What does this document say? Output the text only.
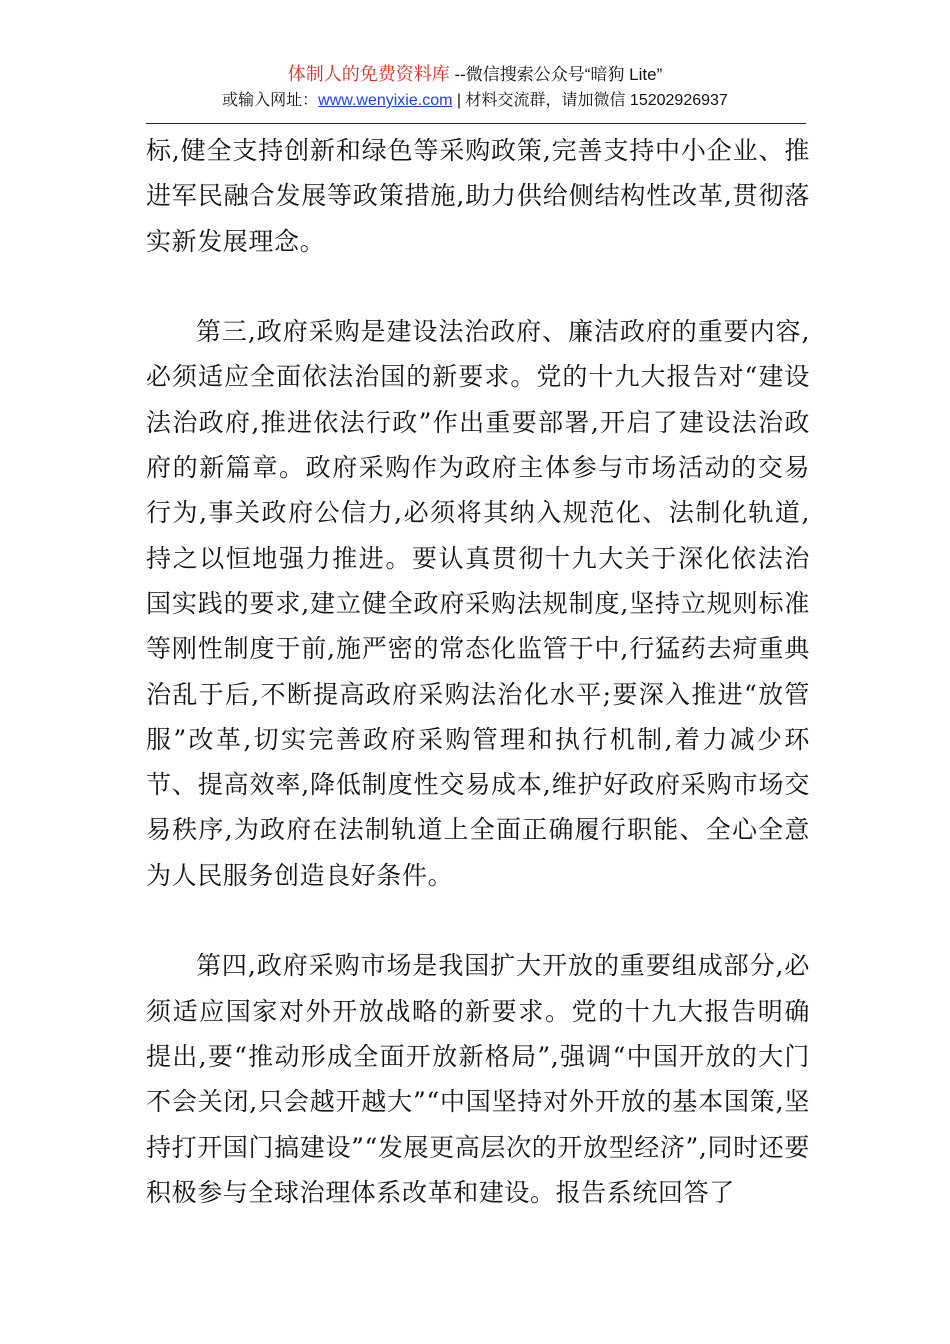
体制人的免费资料库 --微信搜索公众号“暗狗 Lite”
或输入网址：www.wenyixie.com | 材料交流群，请加微信 15202926937

标,健全支持创新和绿色等采购政策,完善支持中小企业、推进军民融合发展等政策措施,助力供给侧结构性改革,贯彻落实新发展理念。

第三,政府采购是建设法治政府、廉洁政府的重要内容,必须适应全面依法治国的新要求。党的十九大报告对“建设法治政府,推进依法行政”作出重要部署,开启了建设法治政府的新篇章。政府采购作为政府主体参与市场活动的交易行为,事关政府公信力,必须将其纳入规范化、法制化轨道,持之以恒地强力推进。要认真贯彻十九大关于深化依法治国实践的要求,建立健全政府采购法规制度,坚持立规则标准等刚性制度于前,施严密的常态化监管于中,行猛药去疴重典治乱于后,不断提高政府采购法治化水平;要深入推进“放管服”改革,切实完善政府采购管理和执行机制,着力减少环节、提高效率,降低制度性交易成本,维护好政府采购市场交易秩序,为政府在法制轨道上全面正确履行职能、全心全意为人民服务创造良好条件。

第四,政府采购市场是我国扩大开放的重要组成部分,必须适应国家对外开放战略的新要求。党的十九大报告明确提出,要“推动形成全面开放新格局”,强调“中国开放的大门不会关闭,只会越开越大”“中国坚持对外开放的基本国策,坚持打开国门搞建设”“发展更高层次的开放型经济”,同时还要积极参与全球治理体系改革和建设。报告系统回答了
